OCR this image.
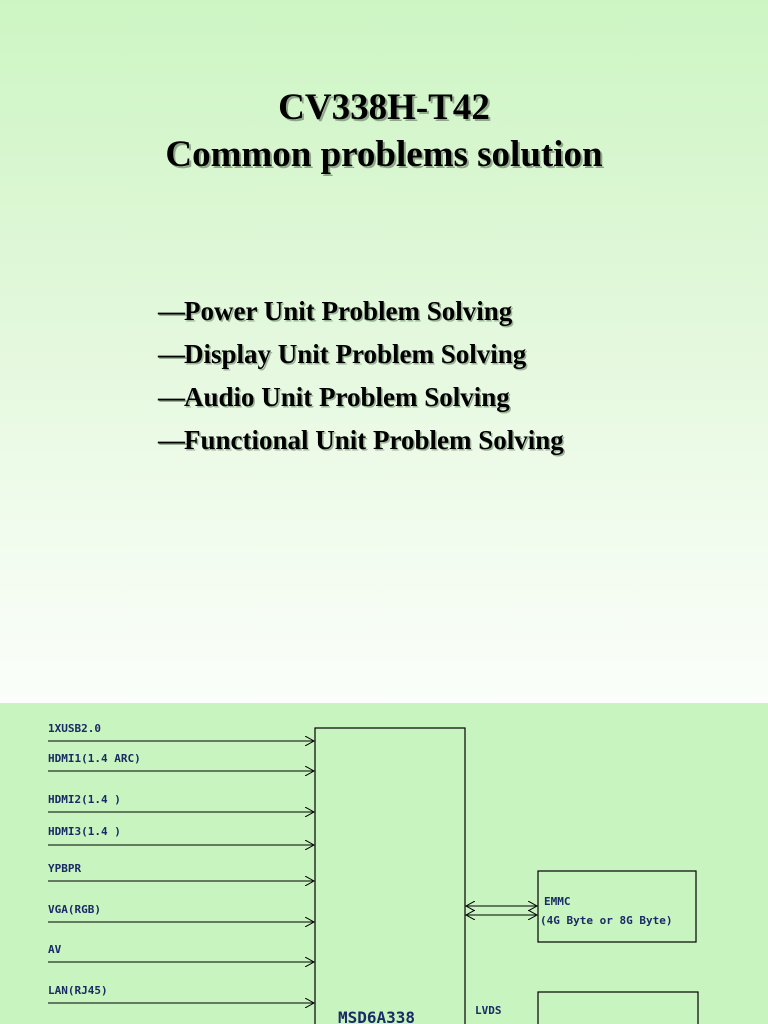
CV338H-T42
Common problems solution
—Power Unit Problem Solving
—Display Unit Problem Solving
—Audio Unit Problem Solving
—Functional Unit Problem Solving
MSD6A338
1XUSB2.0
HDMI1(1.4 ARC)
HDMI2(1.4 )
HDMI3(1.4 )
YPBPR
VGA(RGB)
AV
LAN(RJ45)
EMMC
(4G Byte or 8G Byte)
LVDS
